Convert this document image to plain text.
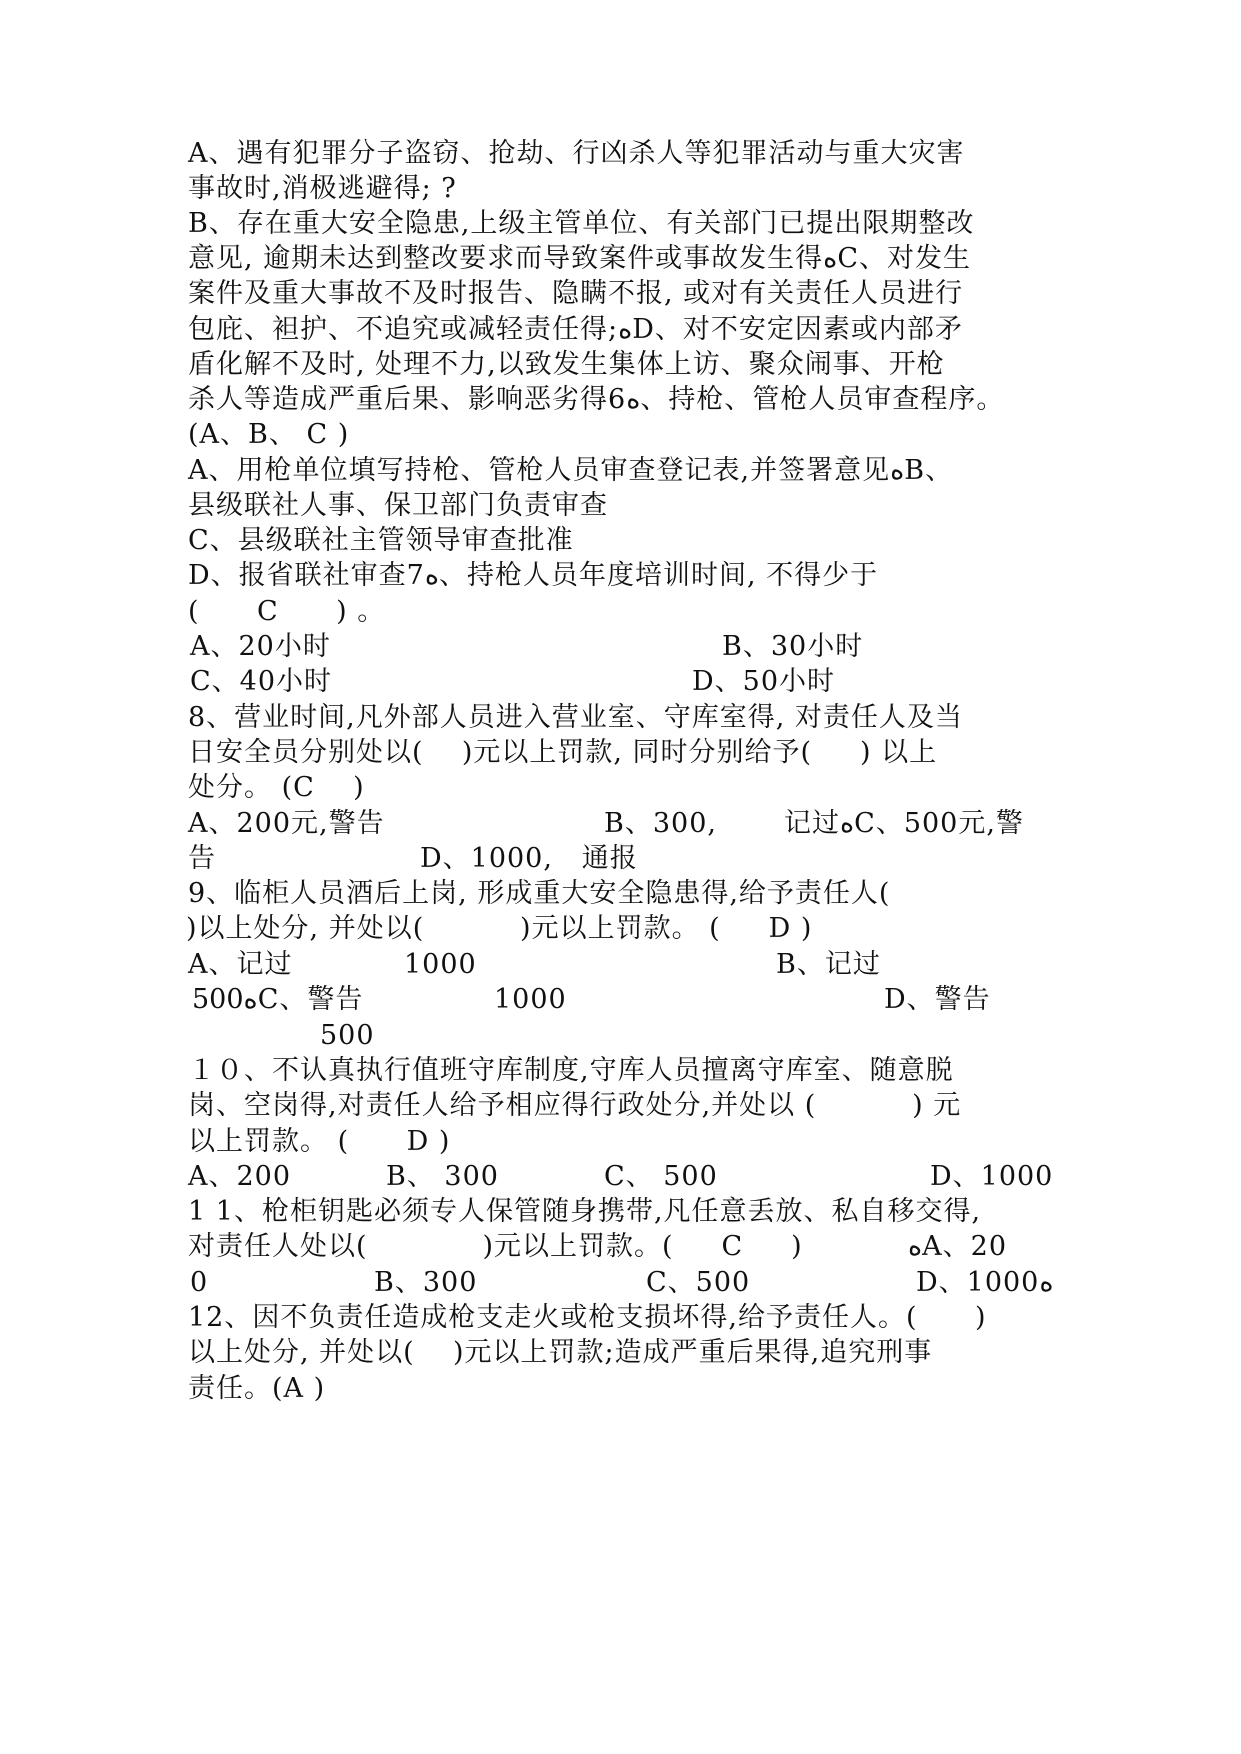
A、遇有犯罪分子盗窃、抢劫、行凶杀人等犯罪活动与重大灾害
事故时,消极逃避得; ?
B、存在重大安全隐患,上级主管单位、有关部门已提出限期整改
意见, 逾期未达到整改要求而导致案件或事故发生得ﻩC、对发生
案件及重大事故不及时报告、隐瞒不报, 或对有关责任人员进行
包庇、袒护、不追究或减轻责任得;ﻩD、对不安定因素或内部矛
盾化解不及时, 处理不力,以致发生集体上访、聚众闹事、开枪
杀人等造成严重后果、影响恶劣得6ﻩ、持枪、管枪人员审查程序。
(A、B、 C )
A、用枪单位填写持枪、管枪人员审查登记表,并签署意见ﻩB、
县级联社人事、保卫部门负责审查
C、县级联社主管领导审查批准
D、报省联社审查7ﻩ、持枪人员年度培训时间, 不得少于
(      C      ) 。
A、20小时	B、30小时
C、40小时	D、50小时
8、营业时间,凡外部人员进入营业室、守库室得, 对责任人及当
日安全员分别处以(    )元以上罚款, 同时分别给予(     ) 以上
处分。 (C    )
A、200元,警告	B、300, 记过ﻩC、500元,警
告	D、1000,   通报
9、临柜人员酒后上岗, 形成重大安全隐患得,给予责任人(
)以上处分, 并处以(          )元以上罚款。 (     D )
A、记过	1000	B、记过
500ﻩC、警告	1000	D、警告
500
１０、不认真执行值班守库制度,守库人员擅离守库室、随意脱
岗、空岗得,对责任人给予相应得行政处分,并处以 (          ) 元
以上罚款。 (      D )
A、200	B、 300	C、 500	D、1000
1 1、枪柜钥匙必须专人保管随身携带,凡任意丢放、私自移交得,
对责任人处以(            )元以上罚款。(     C     )	ﻩA、20
0	B、300	C、500	D、1000ﻩ
12、因不负责任造成枪支走火或枪支损坏得,给予责任人。(      )
以上处分, 并处以(    )元以上罚款;造成严重后果得,追究刑事
责任。(A )
